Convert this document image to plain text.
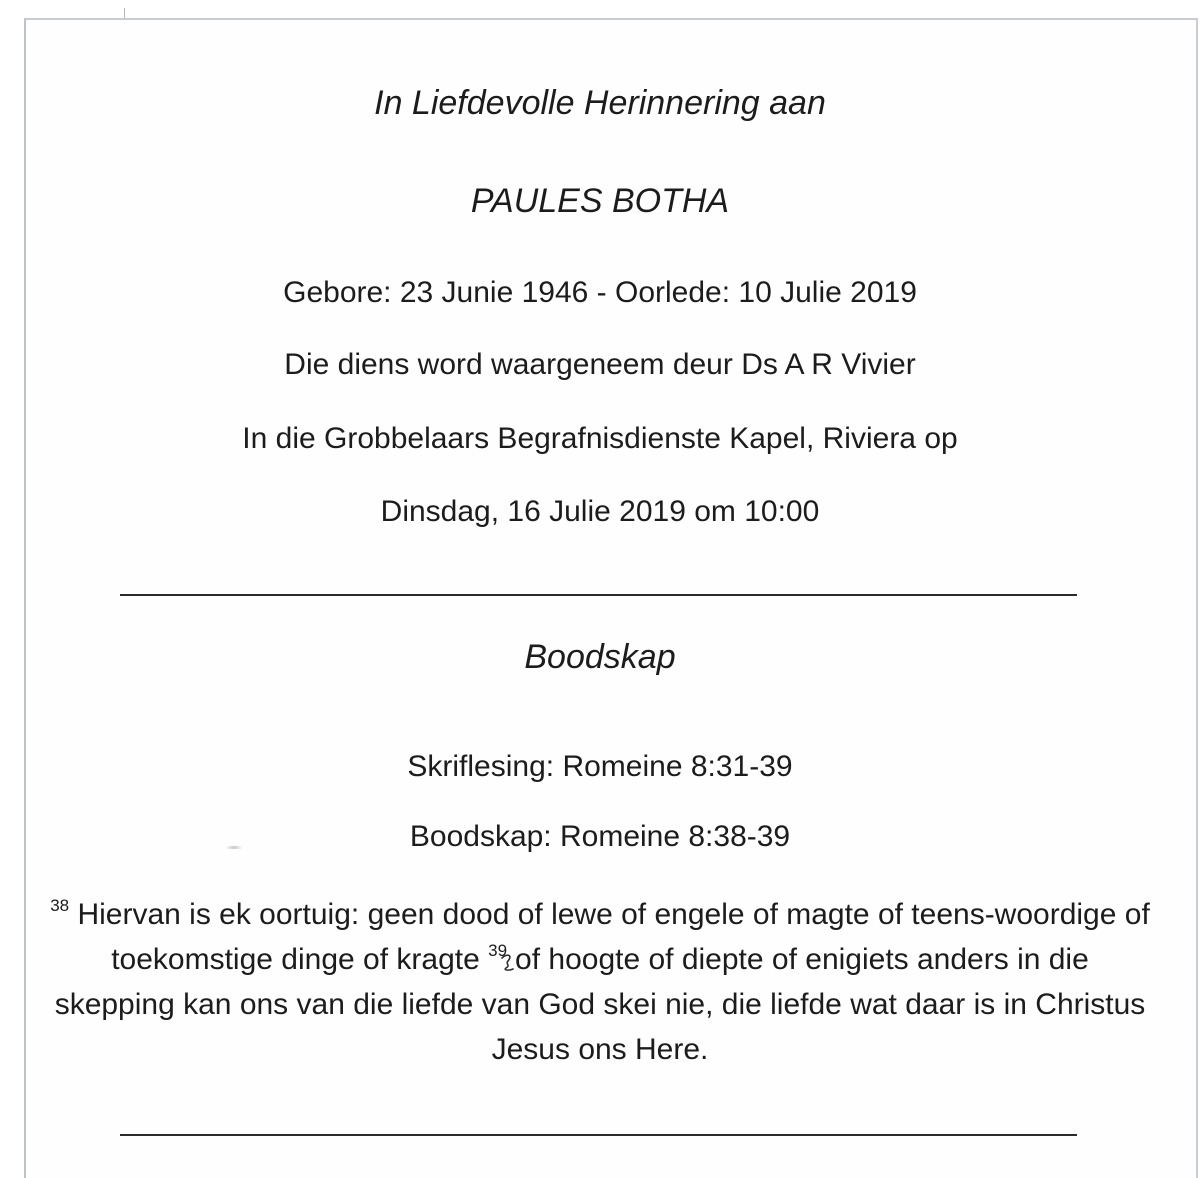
In Liefdevolle Herinnering aan
PAULES BOTHA
Gebore: 23 Junie 1946 - Oorlede: 10 Julie 2019
Die diens word waargeneem deur Ds A R Vivier
In die Grobbelaars Begrafnisdienste Kapel, Riviera op
Dinsdag, 16 Julie 2019 om 10:00
Boodskap
Skriflesing: Romeine 8:31-39
Boodskap: Romeine 8:38-39
$^{38}$ Hiervan is ek oortuig: geen dood of lewe of engele of magte of teens-woordige of toekomstige dinge of kragte $^{39}$ of hoogte of diepte of enigiets anders in die skepping kan ons van die liefde van God skei nie, die liefde wat daar is in Christus Jesus ons Here.
